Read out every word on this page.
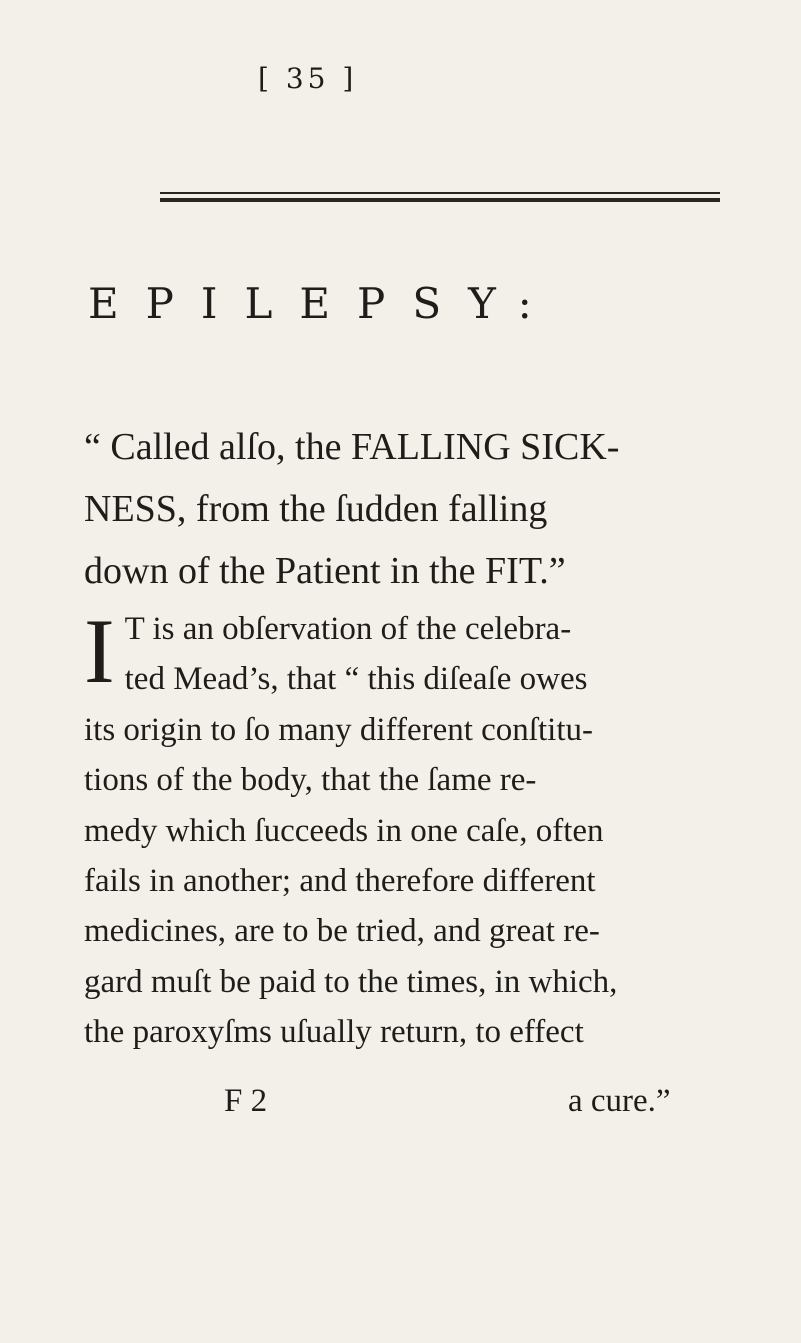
[ 35 ]
EPILEPSY:
“ Called alſo, the FALLING SICK-
NESS, from the ſudden falling
down of the Patient in the FIT.”
I T is an obſervation of the celebra-
ted Mead’s, that “ this diſeaſe owes
its origin to ſo many different conſtitu-
tions of the body, that the ſame re-
medy which ſucceeds in one caſe, often
fails in another; and therefore different
medicines, are to be tried, and great re-
gard muſt be paid to the times, in which,
the paroxyſms uſually return, to effect
F 2	a cure.”
